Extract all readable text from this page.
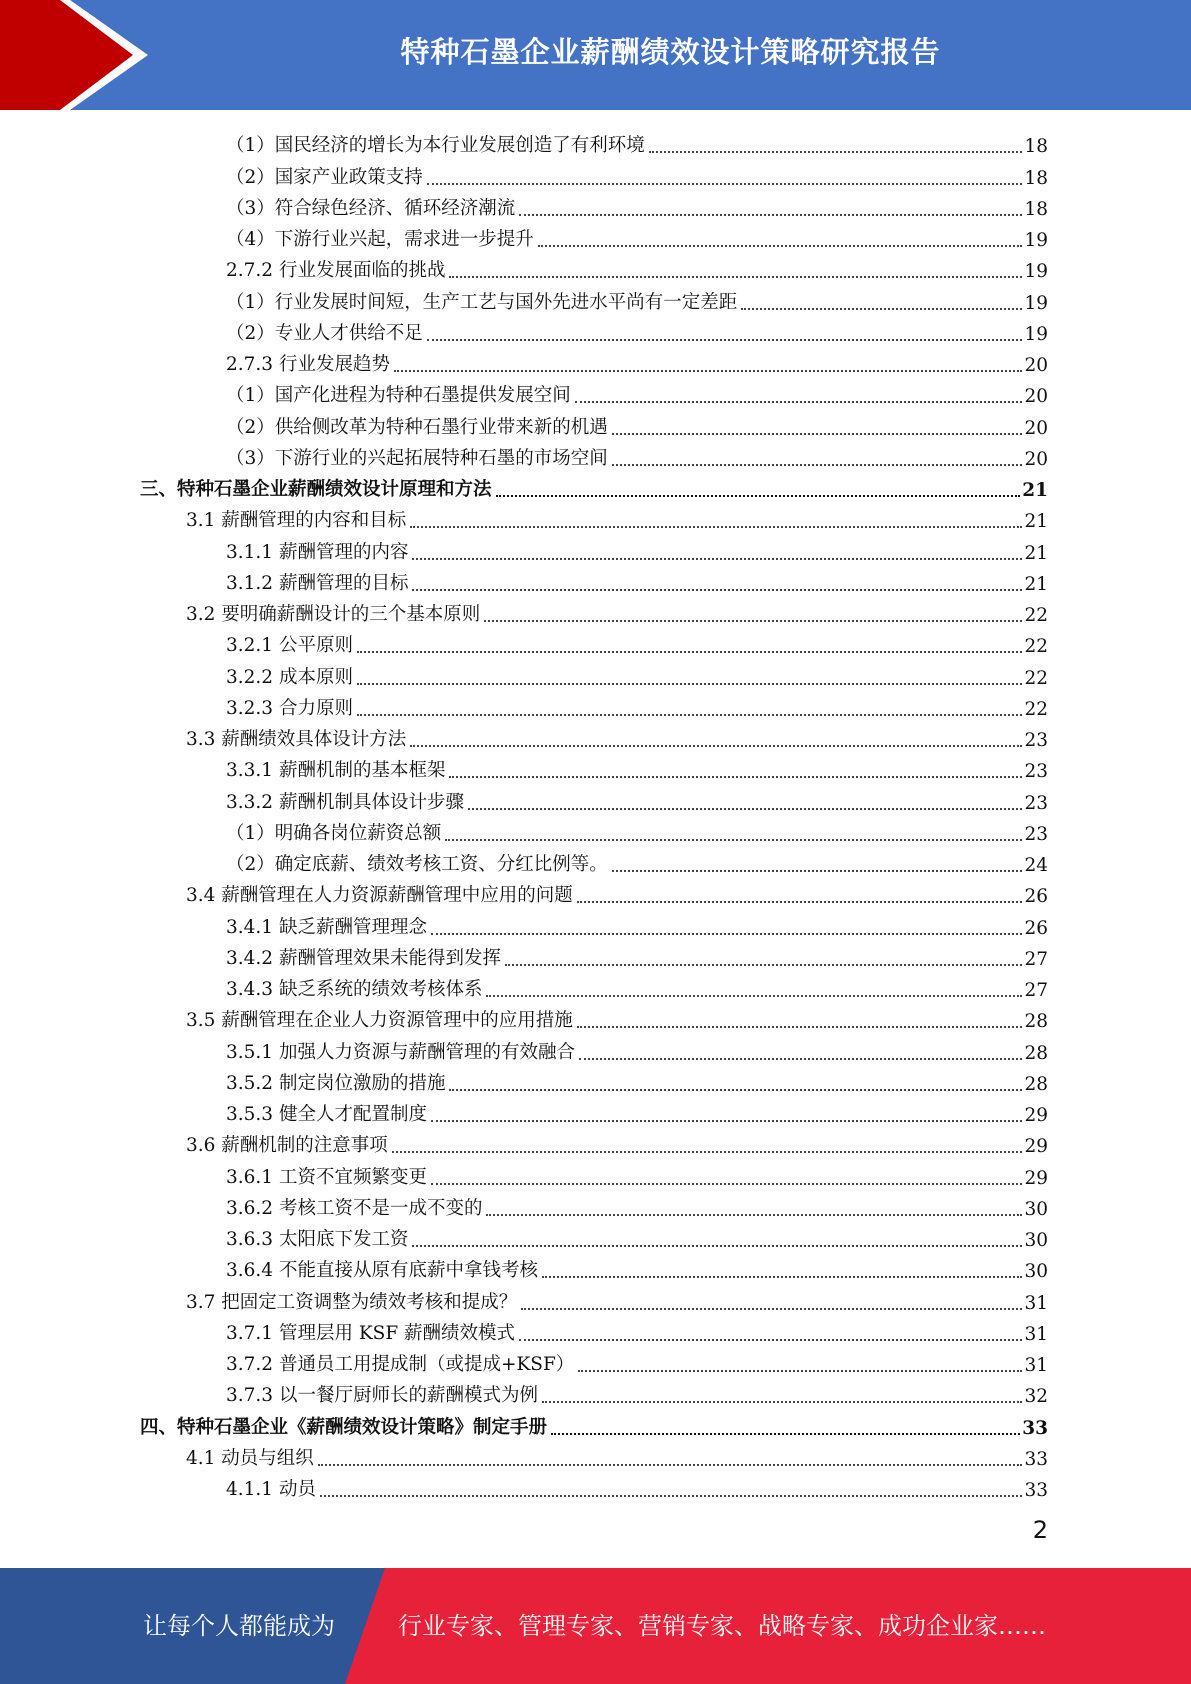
特种石墨企业薪酬绩效设计策略研究报告
（1）国民经济的增长为本行业发展创造了有利环境	18
（2）国家产业政策支持	18
（3）符合绿色经济、循环经济潮流	18
（4）下游行业兴起，需求进一步提升	19
2.7.2 行业发展面临的挑战	19
（1）行业发展时间短，生产工艺与国外先进水平尚有一定差距	19
（2）专业人才供给不足	19
2.7.3 行业发展趋势	20
（1）国产化进程为特种石墨提供发展空间	20
（2）供给侧改革为特种石墨行业带来新的机遇	20
（3）下游行业的兴起拓展特种石墨的市场空间	20
三、特种石墨企业薪酬绩效设计原理和方法	21
3.1 薪酬管理的内容和目标	21
3.1.1 薪酬管理的内容	21
3.1.2 薪酬管理的目标	21
3.2 要明确薪酬设计的三个基本原则	22
3.2.1 公平原则	22
3.2.2 成本原则	22
3.2.3 合力原则	22
3.3 薪酬绩效具体设计方法	23
3.3.1 薪酬机制的基本框架	23
3.3.2 薪酬机制具体设计步骤	23
（1）明确各岗位薪资总额	23
（2）确定底薪、绩效考核工资、分红比例等。	24
3.4 薪酬管理在人力资源薪酬管理中应用的问题	26
3.4.1 缺乏薪酬管理理念	26
3.4.2 薪酬管理效果未能得到发挥	27
3.4.3 缺乏系统的绩效考核体系	27
3.5 薪酬管理在企业人力资源管理中的应用措施	28
3.5.1 加强人力资源与薪酬管理的有效融合	28
3.5.2 制定岗位激励的措施	28
3.5.3 健全人才配置制度	29
3.6 薪酬机制的注意事项	29
3.6.1 工资不宜频繁变更	29
3.6.2 考核工资不是一成不变的	30
3.6.3 太阳底下发工资	30
3.6.4 不能直接从原有底薪中拿钱考核	30
3.7 把固定工资调整为绩效考核和提成？	31
3.7.1 管理层用 KSF 薪酬绩效模式	31
3.7.2 普通员工用提成制（或提成+KSF）	31
3.7.3 以一餐厅厨师长的薪酬模式为例	32
四、特种石墨企业《薪酬绩效设计策略》制定手册	33
4.1 动员与组织	33
4.1.1 动员	33
2
让每个人都能成为	行业专家、管理专家、营销专家、战略专家、成功企业家……
